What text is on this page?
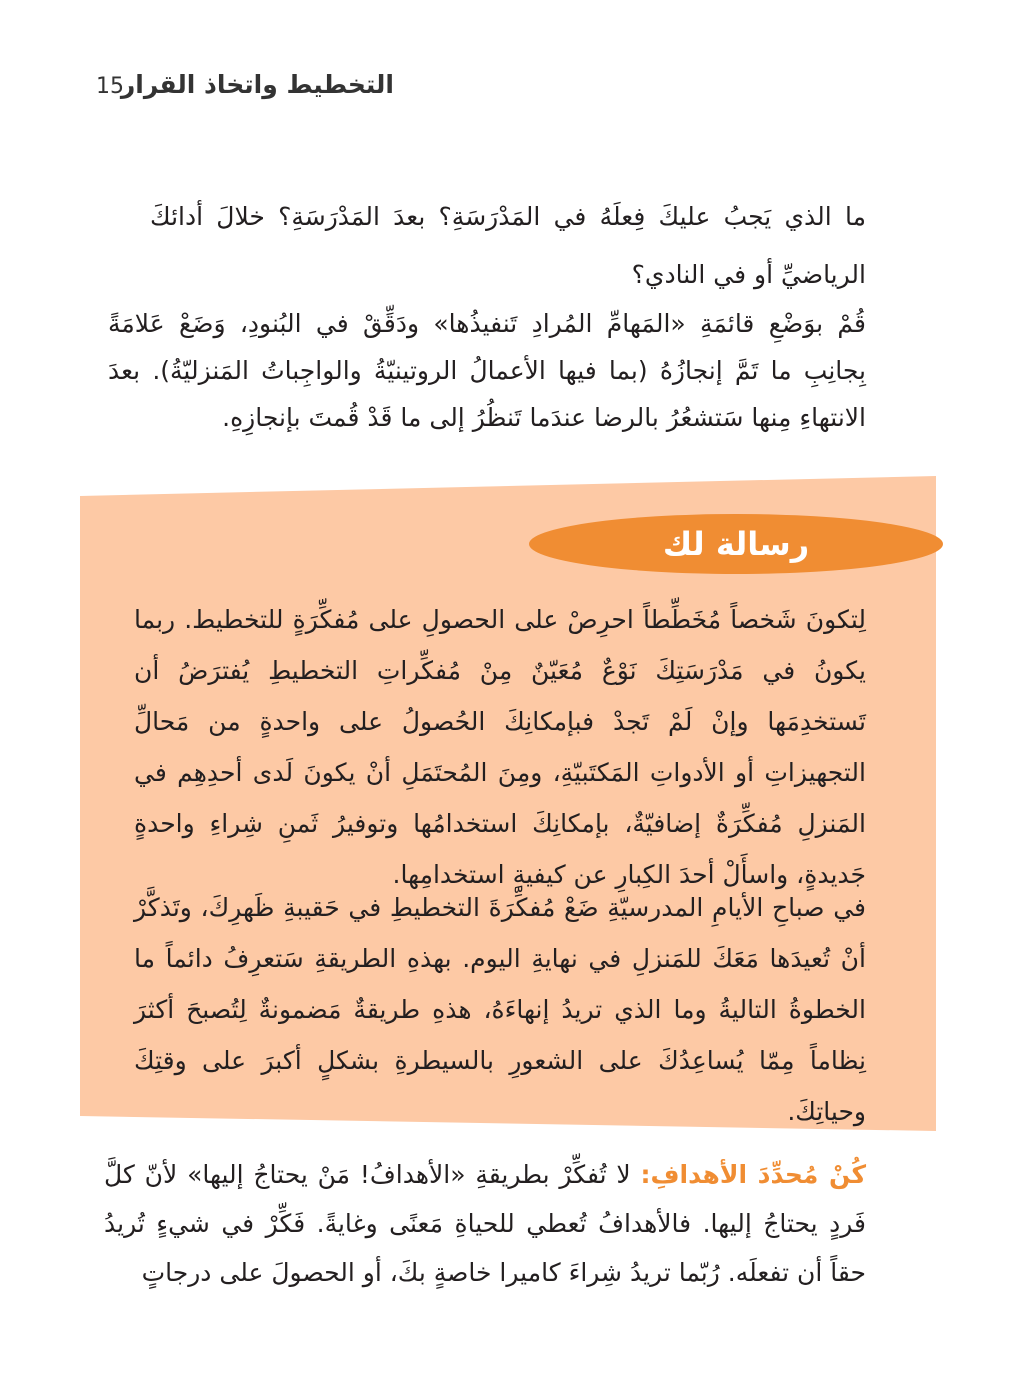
15
التخطيط واتخاذ القرار

ما الذي يَجبُ عليكَ فِعلَهُ في المَدْرَسَةِ؟ بعدَ المَدْرَسَةِ؟ خلالَ أدائكَ الرياضيِّ أو في النادي؟

قُمْ بوَضْعِ قائمَةِ «المَهامِّ المُرادِ تَنفيذُها» ودَقِّقْ في البُنودِ، وَضَعْ عَلامَةً بِجانِبِ ما تَمَّ إنجازُهُ (بما فيها الأعمالُ الروتينيّةُ والواجِباتُ المَنزليّةُ). بعدَ الانتهاءِ مِنها سَتشعُرُ بالرضا عندَما تَنظُرُ إلى ما قَدْ قُمتَ بإنجازِهِ.

رسالة لك

لِتكونَ شَخصاً مُخَطِّطاً احرِصْ على الحصولِ على مُفكِّرَةٍ للتخطيط. ربما يكونُ في مَدْرَسَتِكَ نَوْعٌ مُعَيّنٌ مِنْ مُفكِّراتِ التخطيطِ يُفترَضُ أن تَستخدِمَها وإنْ لَمْ تَجدْ فبإمكانِكَ الحُصولُ على واحدةٍ من مَحالِّ التجهيزاتِ أو الأدواتِ المَكتَبيّةِ، ومِنَ المُحتَمَلِ أنْ يكونَ لَدى أحدِهِم في المَنزلِ مُفكِّرَةٌ إضافيّةٌ، بإمكانِكَ استخدامُها وتوفيرُ ثَمنِ شِراءِ واحدةٍ جَديدةٍ، واسأَلْ أحدَ الكِبارِ عن كيفيةِ استخدامِها.

في صباحِ الأيامِ المدرسيّةِ ضَعْ مُفكِّرَةَ التخطيطِ في حَقيبةِ ظَهرِكَ، وتَذكَّرْ أنْ تُعيدَها مَعَكَ للمَنزلِ في نهايةِ اليوم. بهذهِ الطريقةِ سَتعرِفُ دائماً ما الخطوةُ التاليةُ وما الذي تريدُ إنهاءَهُ، هذهِ طريقةٌ مَضمونةٌ لِتُصبحَ أكثرَ نِظاماً مِمّا يُساعِدُكَ على الشعورِ بالسيطرةِ بشكلٍ أكبرَ على وقتِكَ وحياتِكَ.

كُنْ مُحدِّدَ الأهدافِ: لا تُفكِّرْ بطريقةِ «الأهدافُ! مَنْ يحتاجُ إليها» لأنّ كلَّ فَردٍ يحتاجُ إليها. فالأهدافُ تُعطي للحياةِ مَعنًى وغايةً. فَكِّرْ في شيءٍ تُريدُ حقاً أن تفعلَه. رُبّما تريدُ شِراءَ كاميرا خاصةٍ بكَ، أو الحصولَ على درجاتٍ
